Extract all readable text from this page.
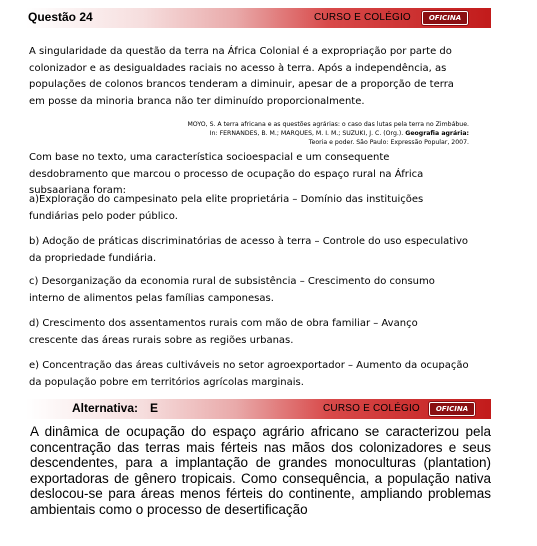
Questão 24	CURSO E COLÉGIO	OFICINA
A singularidade da questão da terra na África Colonial é a expropriação por parte do colonizador e as desigualdades raciais no acesso à terra. Após a independência, as populações de colonos brancos tenderam a diminuir, apesar de a proporção de terra em posse da minoria branca não ter diminuído proporcionalmente.
MOYO, S. A terra africana e as questões agrárias: o caso das lutas pela terra no Zimbábue.
In: FERNANDES, B. M.; MARQUES, M. I. M.; SUZUKI, J. C. (Org.). Geografia agrária:
Teoria e poder. São Paulo: Expressão Popular, 2007.
Com base no texto, uma característica socioespacial e um consequente desdobramento que marcou o processo de ocupação do espaço rural na África subsaariana foram:
a)Exploração do campesinato pela elite proprietária – Domínio das instituições fundiárias pelo poder público.
b) Adoção de práticas discriminatórias de acesso à terra – Controle do uso especulativo da propriedade fundiária.
c) Desorganização da economia rural de subsistência – Crescimento do consumo interno de alimentos pelas famílias camponesas.
d) Crescimento dos assentamentos rurais com mão de obra familiar – Avanço crescente das áreas rurais sobre as regiões urbanas.
e) Concentração das áreas cultiváveis no setor agroexportador – Aumento da ocupação da população pobre em territórios agrícolas marginais.
Alternativa: E	CURSO E COLÉGIO	OFICINA
A dinâmica de ocupação do espaço agrário africano se caracterizou pela concentração das terras mais férteis nas mãos dos colonizadores e seus descendentes, para a implantação de grandes monoculturas (plantation) exportadoras de gênero tropicais. Como consequência, a população nativa deslocou-se para áreas menos férteis do continente, ampliando problemas ambientais como o processo de desertificação
